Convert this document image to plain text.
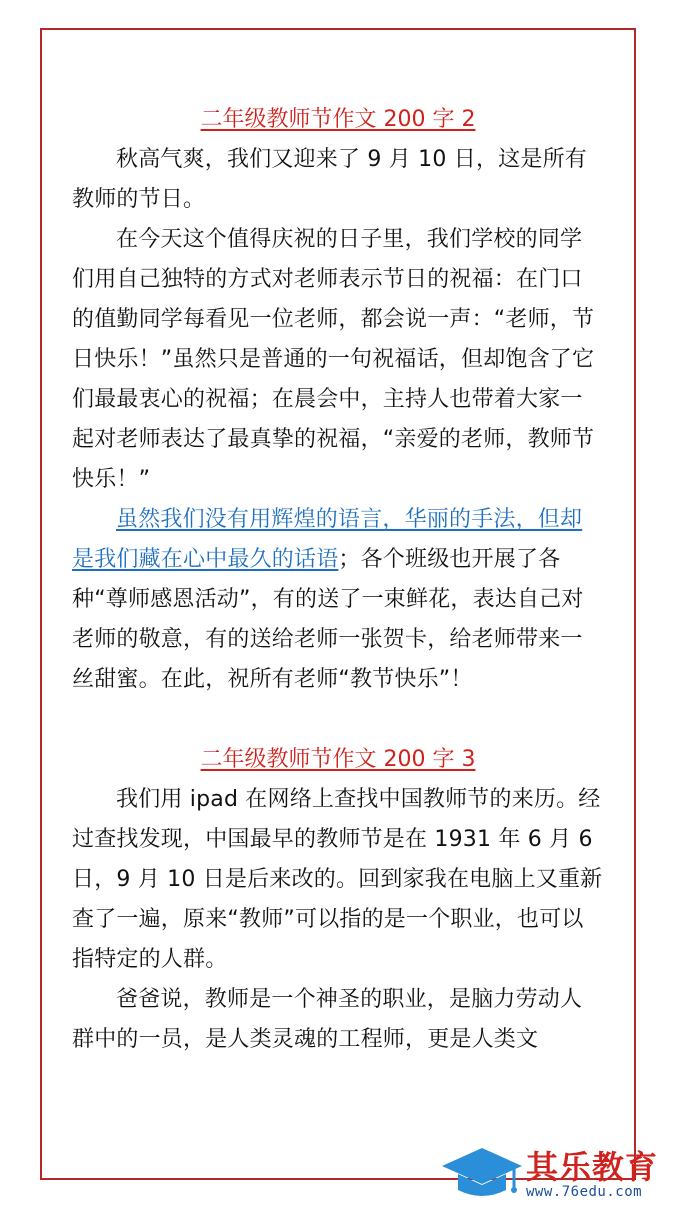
二年级教师节作文 200 字 2

秋高气爽，我们又迎来了 9 月 10 日，这是所有教师的节日。

在今天这个值得庆祝的日子里，我们学校的同学们用自己独特的方式对老师表示节日的祝福：在门口的值勤同学每看见一位老师，都会说一声：“老师，节日快乐！”虽然只是普通的一句祝福话，但却饱含了它们最最衷心的祝福；在晨会中，主持人也带着大家一起对老师表达了最真挚的祝福，“亲爱的老师，教师节快乐！”

虽然我们没有用辉煌的语言，华丽的手法，但却是我们藏在心中最久的话语；各个班级也开展了各种“尊师感恩活动”，有的送了一束鲜花，表达自己对老师的敬意，有的送给老师一张贺卡，给老师带来一丝甜蜜。在此，祝所有老师“教节快乐”！

二年级教师节作文 200 字 3

我们用 ipad 在网络上查找中国教师节的来历。经过查找发现，中国最早的教师节是在 1931 年 6 月 6 日，9 月 10 日是后来改的。回到家我在电脑上又重新查了一遍，原来“教师”可以指的是一个职业，也可以指特定的人群。

爸爸说，教师是一个神圣的职业，是脑力劳动人群中的一员，是人类灵魂的工程师，更是人类文

其乐教育
www.76edu.com
